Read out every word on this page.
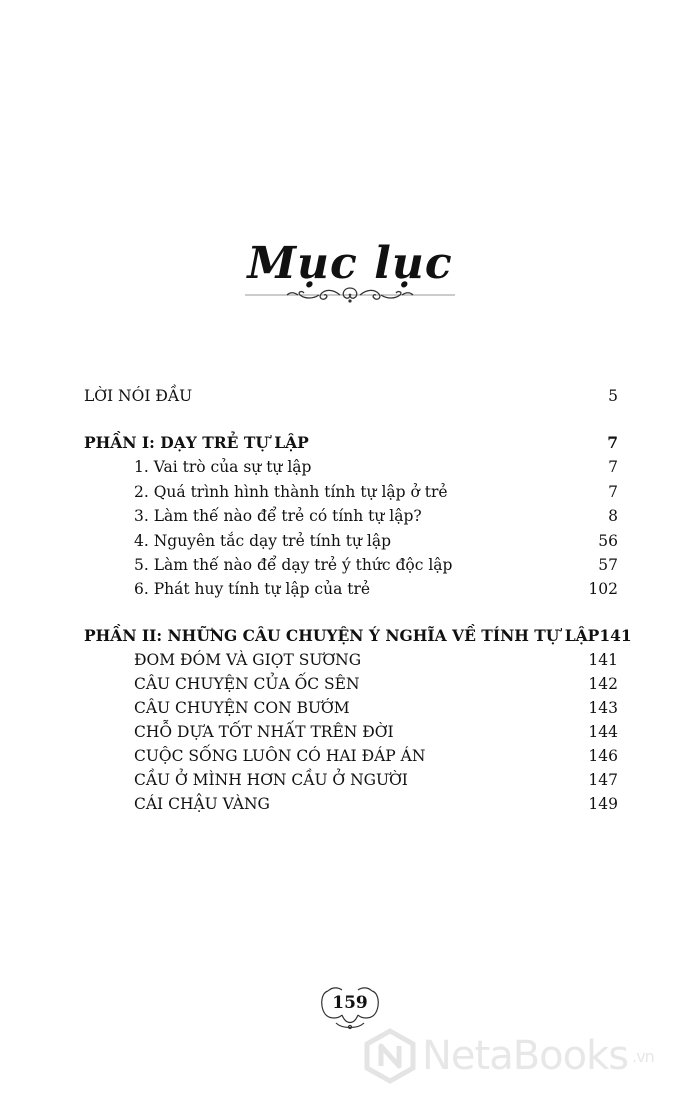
Mục lục
LỜI NÓI ĐẦU	5
PHẦN I: DẠY TRẺ TỰ LẬP	7
1. Vai trò của sự tự lập	7
2. Quá trình hình thành tính tự lập ở trẻ	7
3. Làm thế nào để trẻ có tính tự lập?	8
4. Nguyên tắc dạy trẻ tính tự lập	56
5. Làm thế nào để dạy trẻ ý thức độc lập	57
6. Phát huy tính tự lập của trẻ	102
PHẦN II: NHỮNG CÂU CHUYỆN Ý NGHĨA VỀ TÍNH TỰ LẬP 141
ĐOM ĐÓM VÀ GIỌT SƯƠNG	141
CÂU CHUYỆN CỦA ỐC SÊN	142
CÂU CHUYỆN CON BƯỚM	143
CHỖ DỰA TỐT NHẤT TRÊN ĐỜI	144
CUỘC SỐNG LUÔN CÓ HAI ĐÁP ÁN	146
CẦU Ở MÌNH HƠN CẦU Ở NGƯỜI	147
CÁI CHẬU VÀNG	149
159
NetaBooks .vn
